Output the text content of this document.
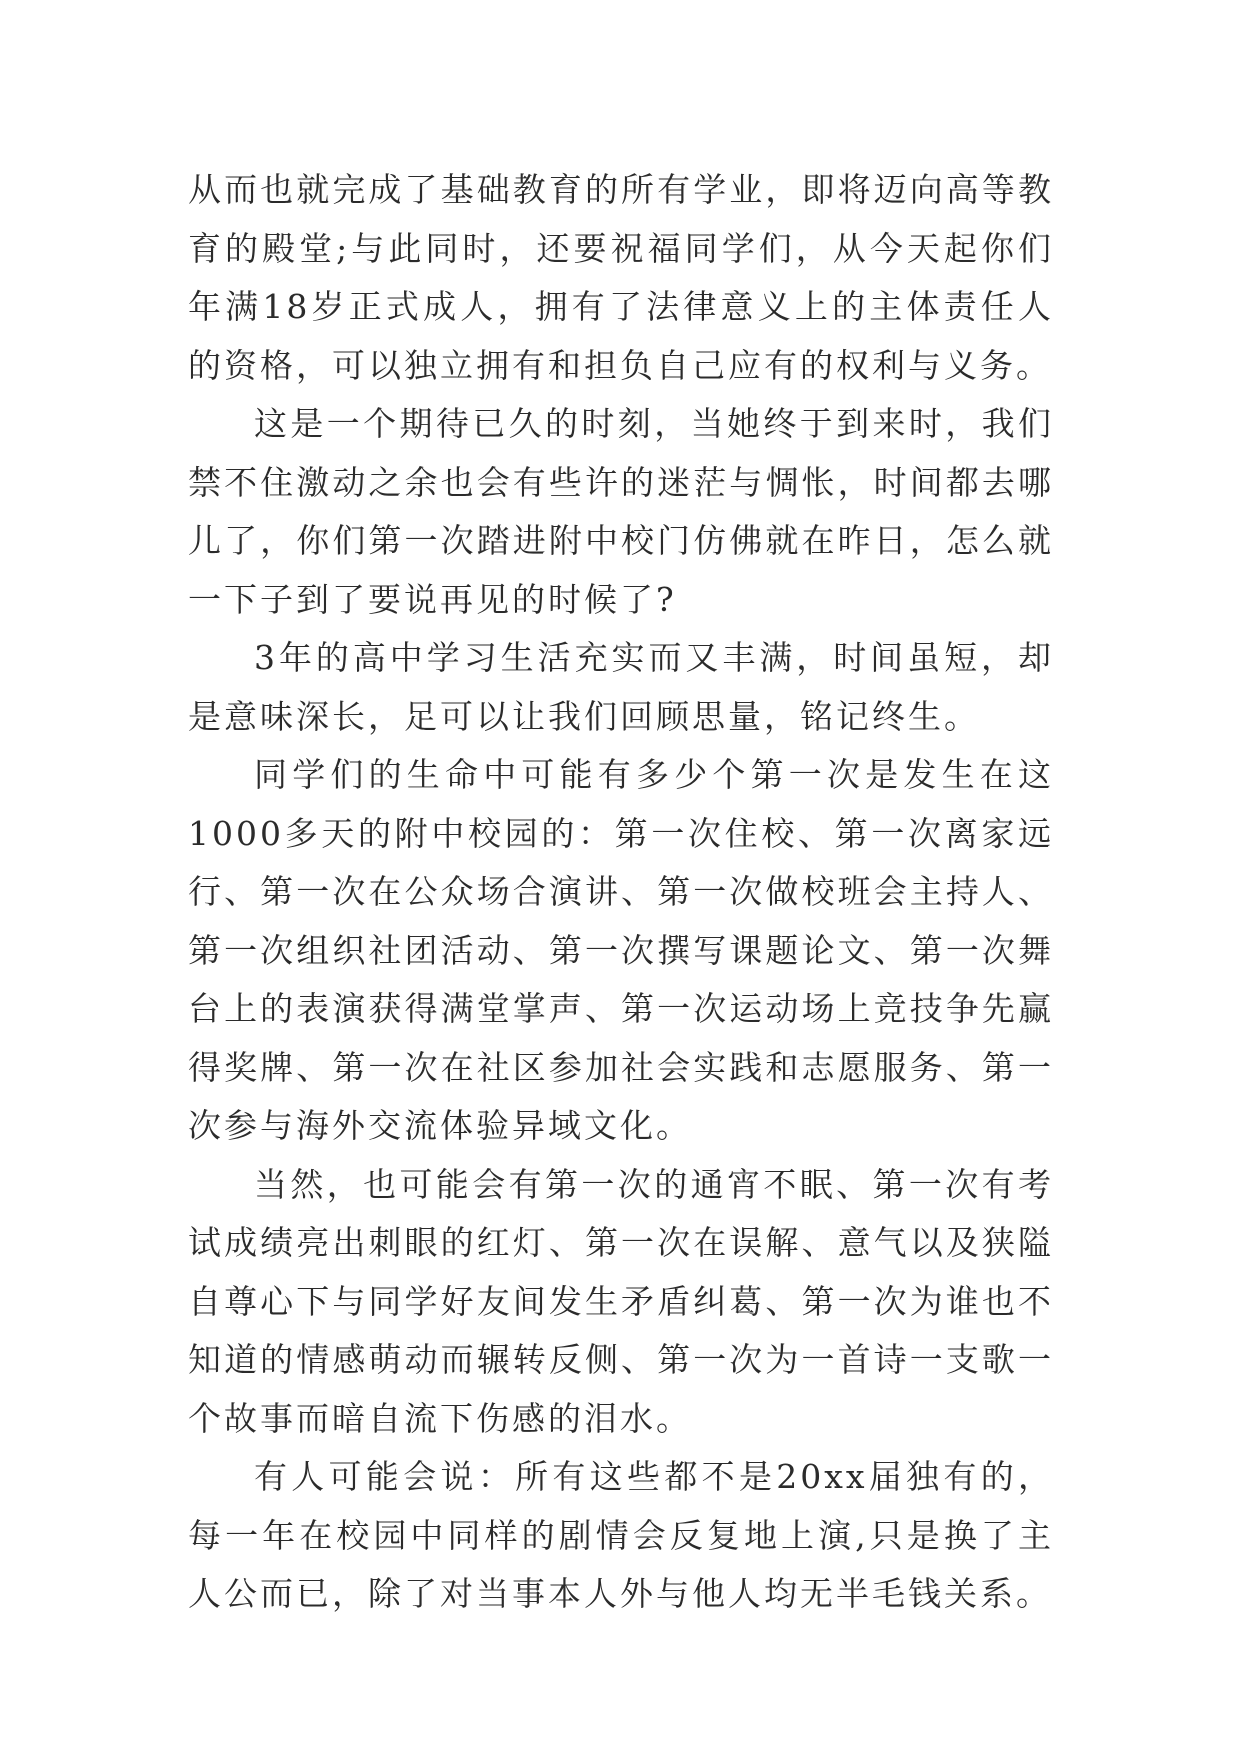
从而也就完成了基础教育的所有学业，即将迈向高等教育的殿堂;与此同时，还要祝福同学们，从今天起你们年满18岁正式成人，拥有了法律意义上的主体责任人的资格，可以独立拥有和担负自己应有的权利与义务。

这是一个期待已久的时刻，当她终于到来时，我们禁不住激动之余也会有些许的迷茫与惆怅，时间都去哪儿了，你们第一次踏进附中校门仿佛就在昨日，怎么就一下子到了要说再见的时候了?

3年的高中学习生活充实而又丰满，时间虽短，却是意味深长，足可以让我们回顾思量，铭记终生。

同学们的生命中可能有多少个第一次是发生在这1000多天的附中校园的：第一次住校、第一次离家远行、第一次在公众场合演讲、第一次做校班会主持人、第一次组织社团活动、第一次撰写课题论文、第一次舞台上的表演获得满堂掌声、第一次运动场上竞技争先赢得奖牌、第一次在社区参加社会实践和志愿服务、第一次参与海外交流体验异域文化。

当然，也可能会有第一次的通宵不眠、第一次有考试成绩亮出刺眼的红灯、第一次在误解、意气以及狭隘自尊心下与同学好友间发生矛盾纠葛、第一次为谁也不知道的情感萌动而辗转反侧、第一次为一首诗一支歌一个故事而暗自流下伤感的泪水。

有人可能会说：所有这些都不是20xx届独有的，每一年在校园中同样的剧情会反复地上演,只是换了主人公而已，除了对当事本人外与他人均无半毛钱关系。
